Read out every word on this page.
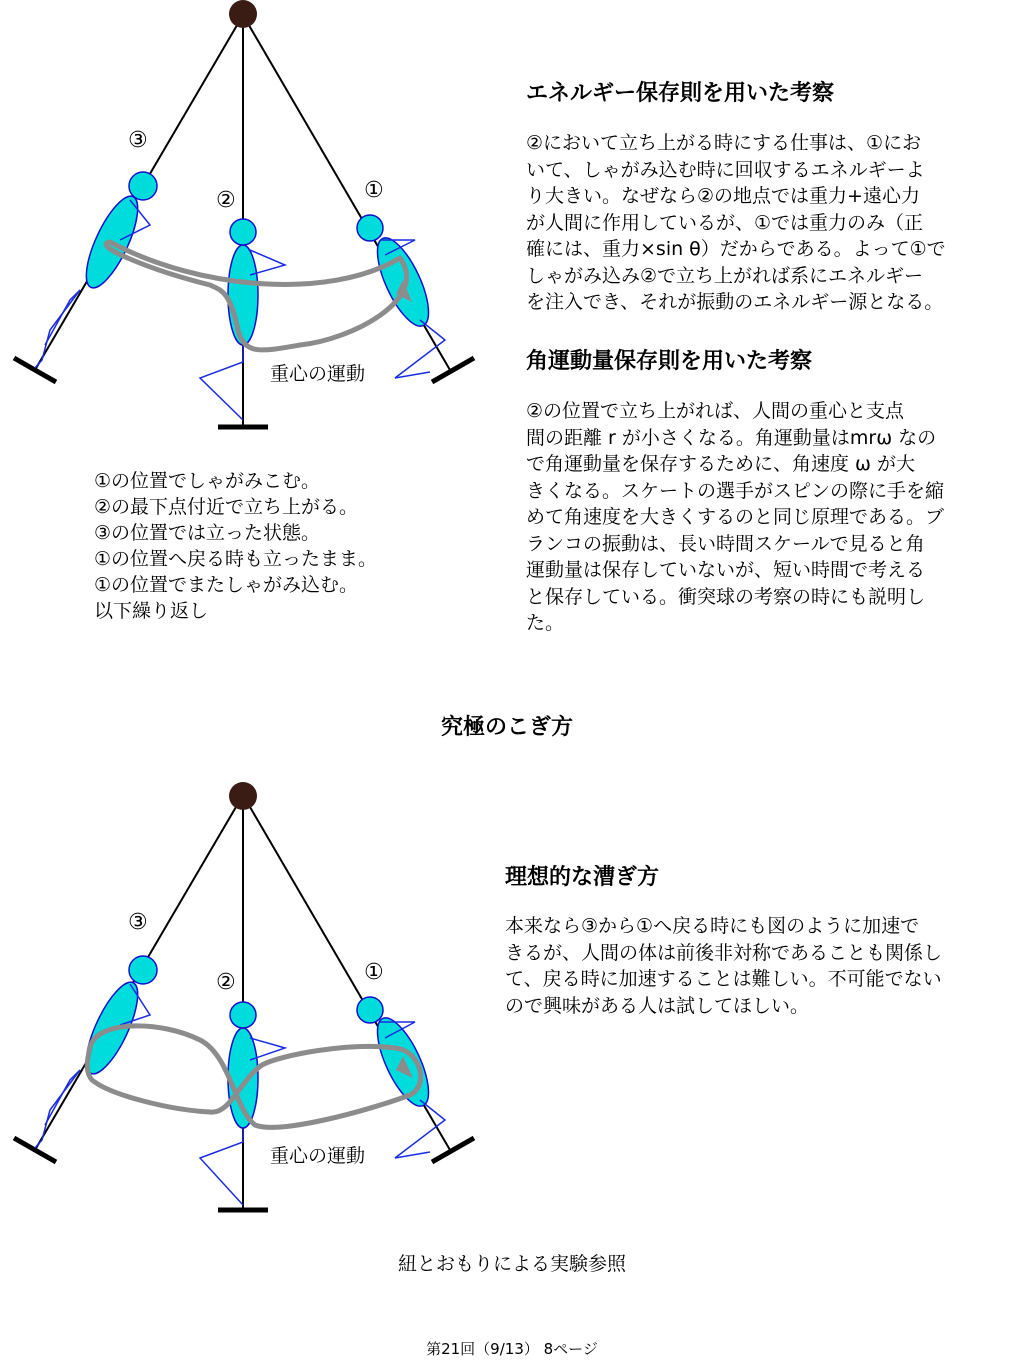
③
②	①
重心の運動
①の位置でしゃがみこむ。
②の最下点付近で立ち上がる。
③の位置では立った状態。
①の位置へ戻る時も立ったまま。
①の位置でまたしゃがみ込む。
以下繰り返し
エネルギー保存則を用いた考察
②において立ち上がる時にする仕事は、①にお
いて、しゃがみ込む時に回収するエネルギーよ
り大きい。なぜなら②の地点では重力+遠心力
が人間に作用しているが、①では重力のみ（正
確には、重力×sin θ）だからである。よって①で
しゃがみ込み②で立ち上がれば系にエネルギー
を注入でき、それが振動のエネルギー源となる。
角運動量保存則を用いた考察
②の位置で立ち上がれば、人間の重心と支点
間の距離 r が小さくなる。角運動量はmrω なの
で角運動量を保存するために、角速度 ω が大
きくなる。スケートの選手がスピンの際に手を縮
めて角速度を大きくするのと同じ原理である。ブ
ランコの振動は、長い時間スケールで見ると角
運動量は保存していないが、短い時間で考える
と保存している。衝突球の考察の時にも説明し
た。
究極のこぎ方
③
②	①
重心の運動
理想的な漕ぎ方
本来なら③から①へ戻る時にも図のように加速で
きるが、人間の体は前後非対称であることも関係し
て、戻る時に加速することは難しい。不可能でない
ので興味がある人は試してほしい。
紐とおもりによる実験参照
第21回（9/13） 8ページ
